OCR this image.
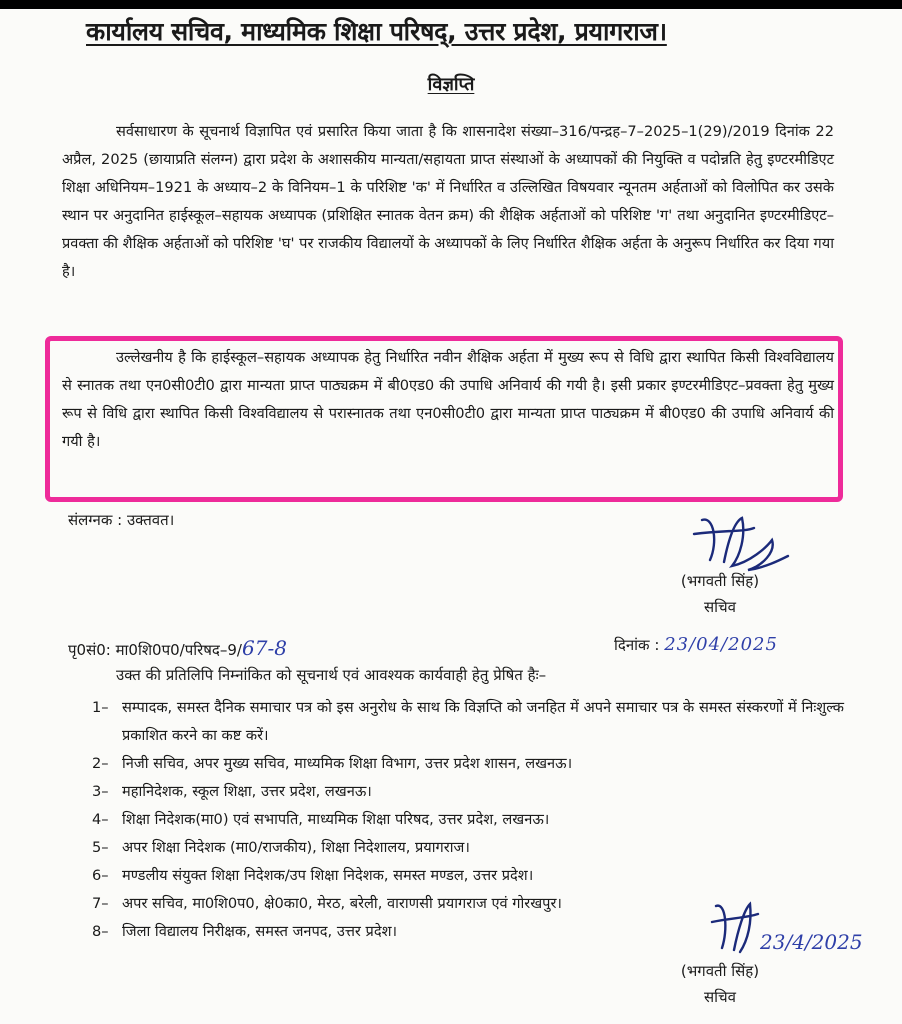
कार्यालय सचिव, माध्यमिक शिक्षा परिषद्, उत्तर प्रदेश, प्रयागराज।
विज्ञप्ति
सर्वसाधारण के सूचनार्थ विज्ञापित एवं प्रसारित किया जाता है कि शासनादेश संख्या–316/पन्द्रह–7–2025–1(29)/2019 दिनांक 22 अप्रैल, 2025 (छायाप्रति संलग्न) द्वारा प्रदेश के अशासकीय मान्यता/सहायता प्राप्त संस्थाओं के अध्यापकों की नियुक्ति व पदोन्नति हेतु इण्टरमीडिएट शिक्षा अधिनियम–1921 के अध्याय–2 के विनियम–1 के परिशिष्ट 'क' में निर्धारित व उल्लिखित विषयवार न्यूनतम अर्हताओं को विलोपित कर उसके स्थान पर अनुदानित हाईस्कूल–सहायक अध्यापक (प्रशिक्षित स्नातक वेतन क्रम) की शैक्षिक अर्हताओं को परिशिष्ट 'ग' तथा अनुदानित इण्टरमीडिएट–प्रवक्ता की शैक्षिक अर्हताओं को परिशिष्ट 'घ' पर राजकीय विद्यालयों के अध्यापकों के लिए निर्धारित शैक्षिक अर्हता के अनुरूप निर्धारित कर दिया गया है।
उल्लेखनीय है कि हाईस्कूल–सहायक अध्यापक हेतु निर्धारित नवीन शैक्षिक अर्हता में मुख्य रूप से विधि द्वारा स्थापित किसी विश्वविद्यालय से स्नातक तथा एन0सी0टी0 द्वारा मान्यता प्राप्त पाठ्यक्रम में बी0एड0 की उपाधि अनिवार्य की गयी है। इसी प्रकार इण्टरमीडिएट–प्रवक्ता हेतु मुख्य रूप से विधि द्वारा स्थापित किसी विश्वविद्यालय से परास्नातक तथा एन0सी0टी0 द्वारा मान्यता प्राप्त पाठ्यक्रम में बी0एड0 की उपाधि अनिवार्य की गयी है।
संलग्नक : उक्तवत।
(भगवती सिंह)
सचिव
पृ0सं0: मा0शि0प0/परिषद–9/67-8	दिनांक : 23/04/2025
उक्त की प्रतिलिपि निम्नांकित को सूचनार्थ एवं आवश्यक कार्यवाही हेतु प्रेषित हैः–
1– सम्पादक, समस्त दैनिक समाचार पत्र को इस अनुरोध के साथ कि विज्ञप्ति को जनहित में अपने समाचार पत्र के समस्त संस्करणों में निःशुल्क प्रकाशित करने का कष्ट करें।
2– निजी सचिव, अपर मुख्य सचिव, माध्यमिक शिक्षा विभाग, उत्तर प्रदेश शासन, लखनऊ।
3– महानिदेशक, स्कूल शिक्षा, उत्तर प्रदेश, लखनऊ।
4– शिक्षा निदेशक(मा0) एवं सभापति, माध्यमिक शिक्षा परिषद, उत्तर प्रदेश, लखनऊ।
5– अपर शिक्षा निदेशक (मा0/राजकीय), शिक्षा निदेशालय, प्रयागराज।
6– मण्डलीय संयुक्त शिक्षा निदेशक/उप शिक्षा निदेशक, समस्त मण्डल, उत्तर प्रदेश।
7– अपर सचिव, मा0शि0प0, क्षे0का0, मेरठ, बरेली, वाराणसी प्रयागराज एवं गोरखपुर।
8– जिला विद्यालय निरीक्षक, समस्त जनपद, उत्तर प्रदेश।	23/4/2025
(भगवती सिंह)
सचिव
